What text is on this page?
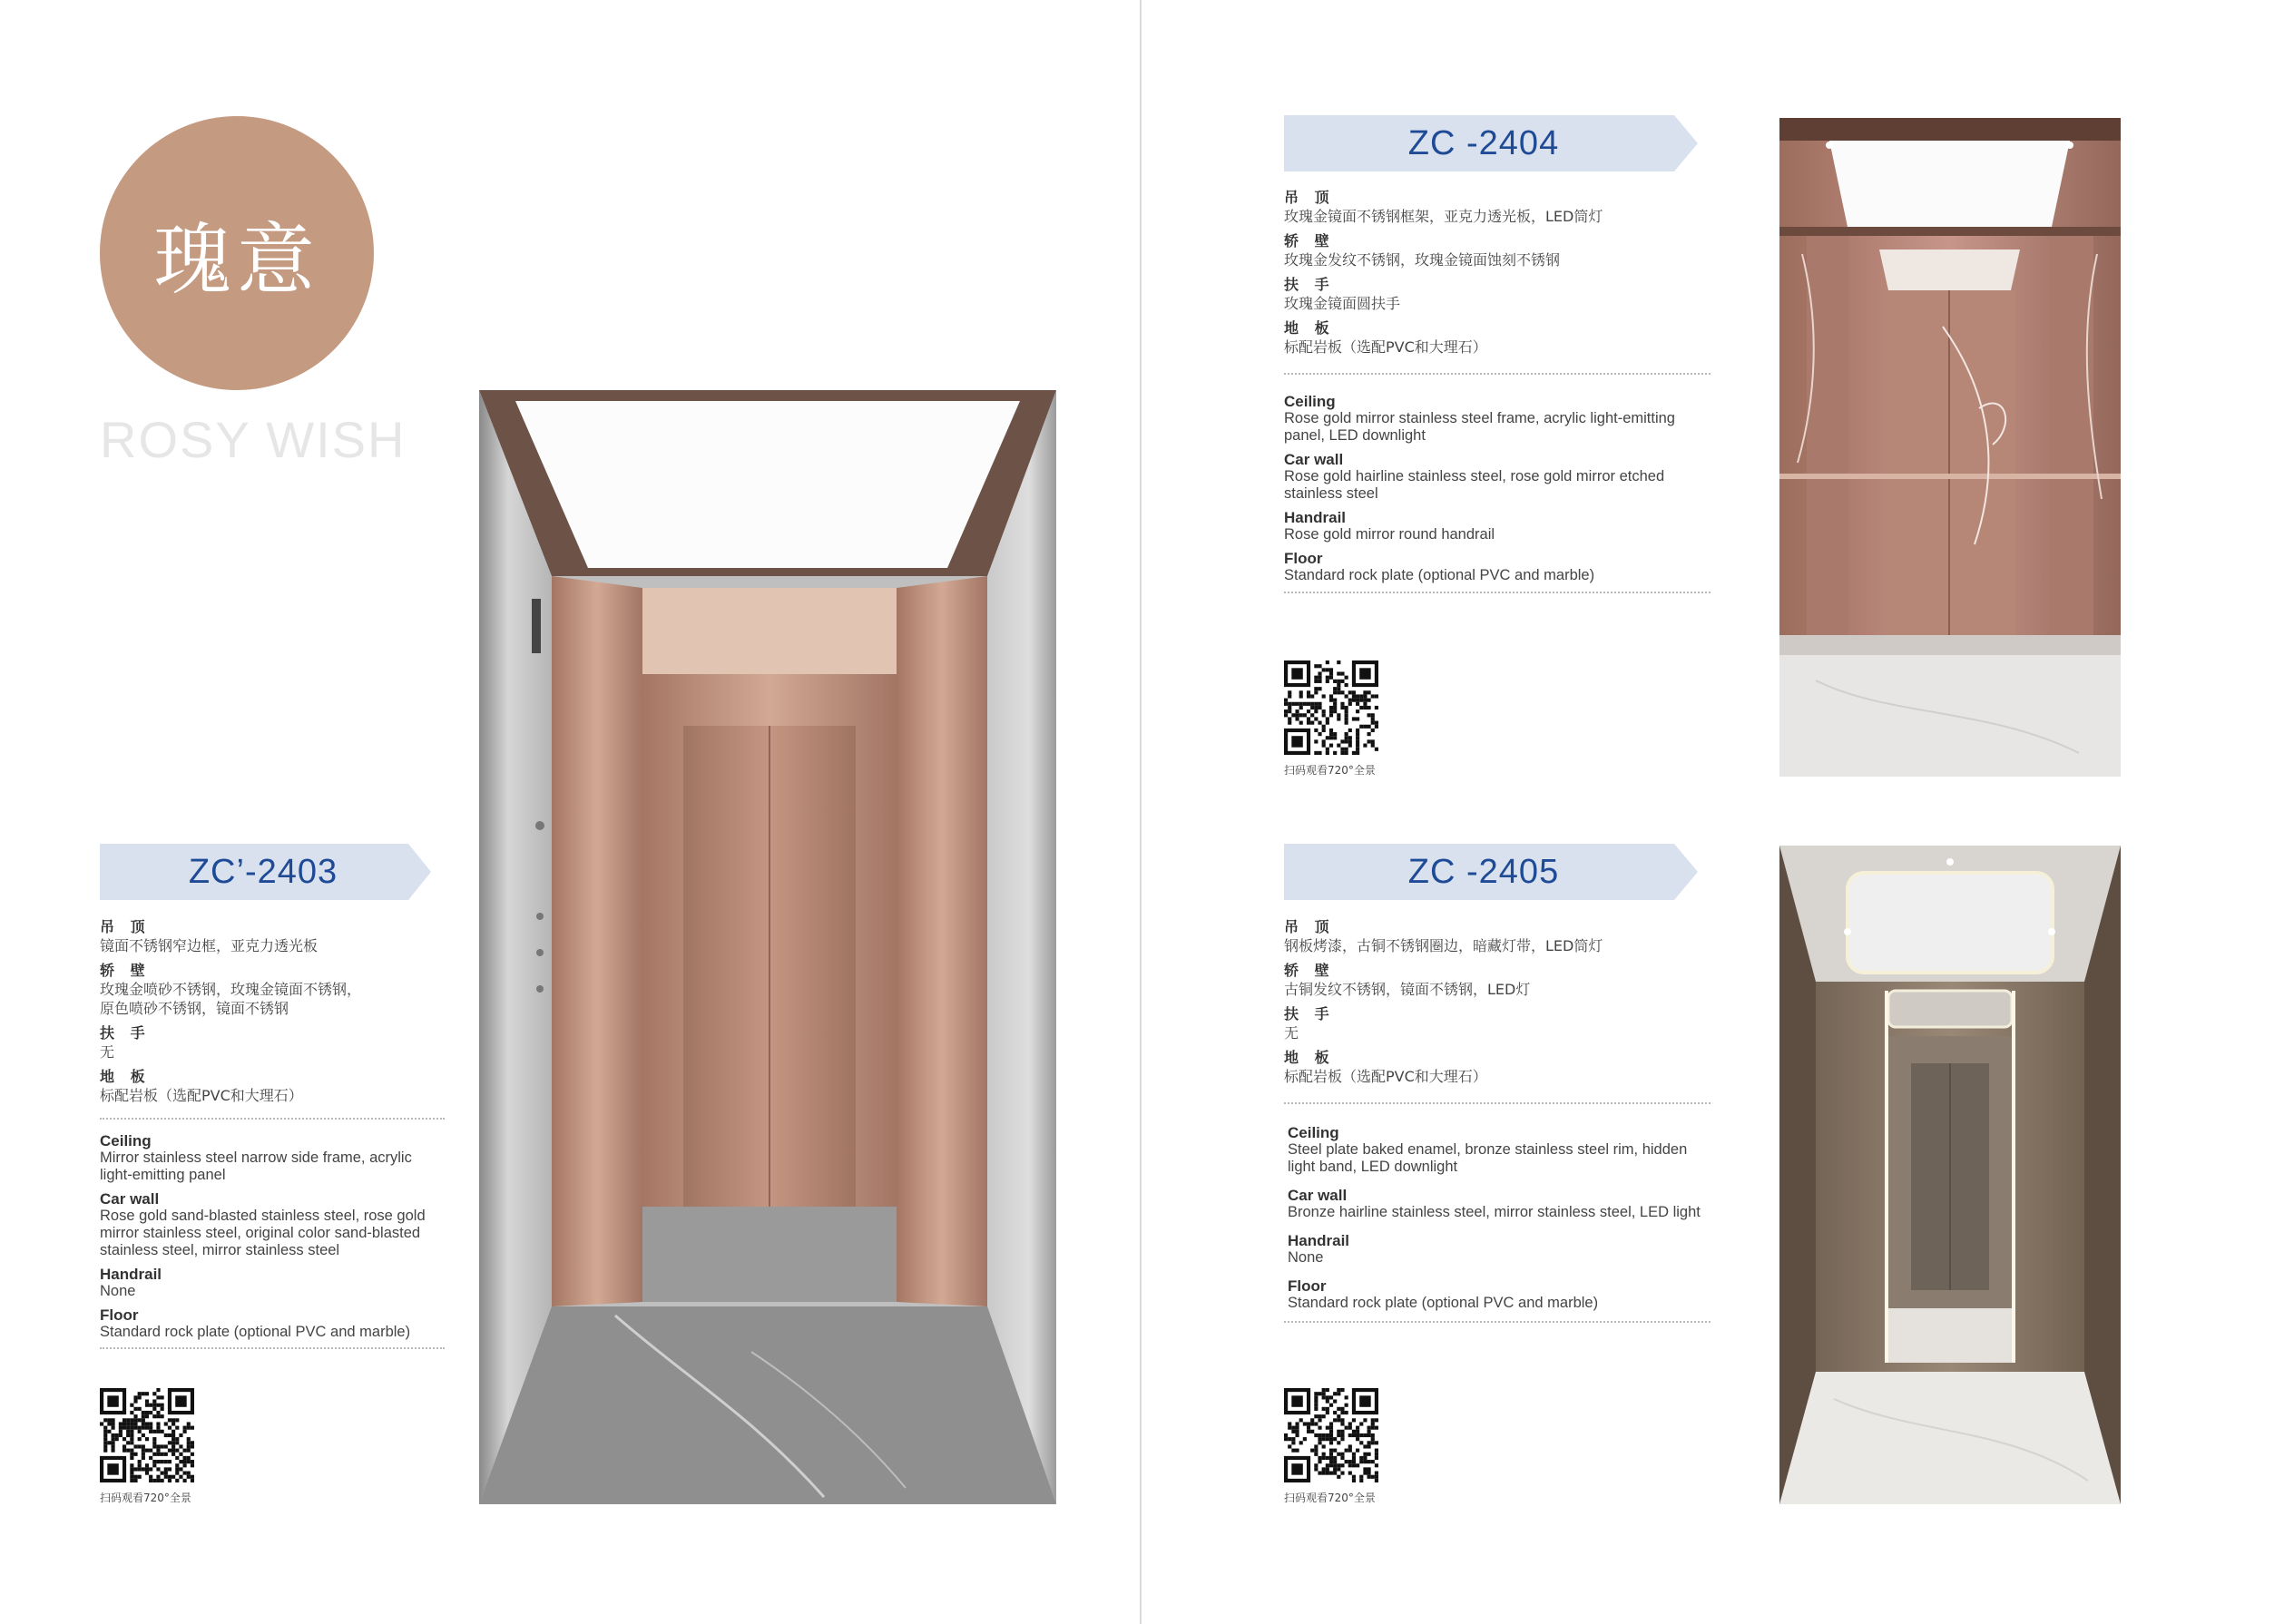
瑰意
ROSY WISH
ZC’-2403
吊 顶
镜面不锈钢窄边框，亚克力透光板
轿 壁
玫瑰金喷砂不锈钢，玫瑰金镜面不锈钢，
原色喷砂不锈钢，镜面不锈钢
扶 手
无
地 板
标配岩板（选配PVC和大理石）
Ceiling
Mirror stainless steel narrow side frame, acrylic
light-emitting panel
Car wall
Rose gold sand-blasted stainless steel, rose gold
mirror stainless steel, original color sand-blasted
stainless steel, mirror stainless steel
Handrail
None
Floor
Standard rock plate (optional PVC and marble)
扫码观看720°全景
ZC -2404
吊 顶
玫瑰金镜面不锈钢框架，亚克力透光板，LED筒灯
轿 壁
玫瑰金发纹不锈钢，玫瑰金镜面蚀刻不锈钢
扶 手
玫瑰金镜面圆扶手
地 板
标配岩板（选配PVC和大理石）
Ceiling
Rose gold mirror stainless steel frame, acrylic light-emitting
panel, LED downlight
Car wall
Rose gold hairline stainless steel, rose gold mirror etched
stainless steel
Handrail
Rose gold mirror round handrail
Floor
Standard rock plate (optional PVC and marble)
扫码观看720°全景
ZC -2405
吊 顶
钢板烤漆，古铜不锈钢圈边，暗藏灯带，LED筒灯
轿 壁
古铜发纹不锈钢，镜面不锈钢，LED灯
扶 手
无
地 板
标配岩板（选配PVC和大理石）
Ceiling
Steel plate baked enamel, bronze stainless steel rim, hidden
light band, LED downlight
Car wall
Bronze hairline stainless steel, mirror stainless steel, LED light
Handrail
None
Floor
Standard rock plate (optional PVC and marble)
扫码观看720°全景
